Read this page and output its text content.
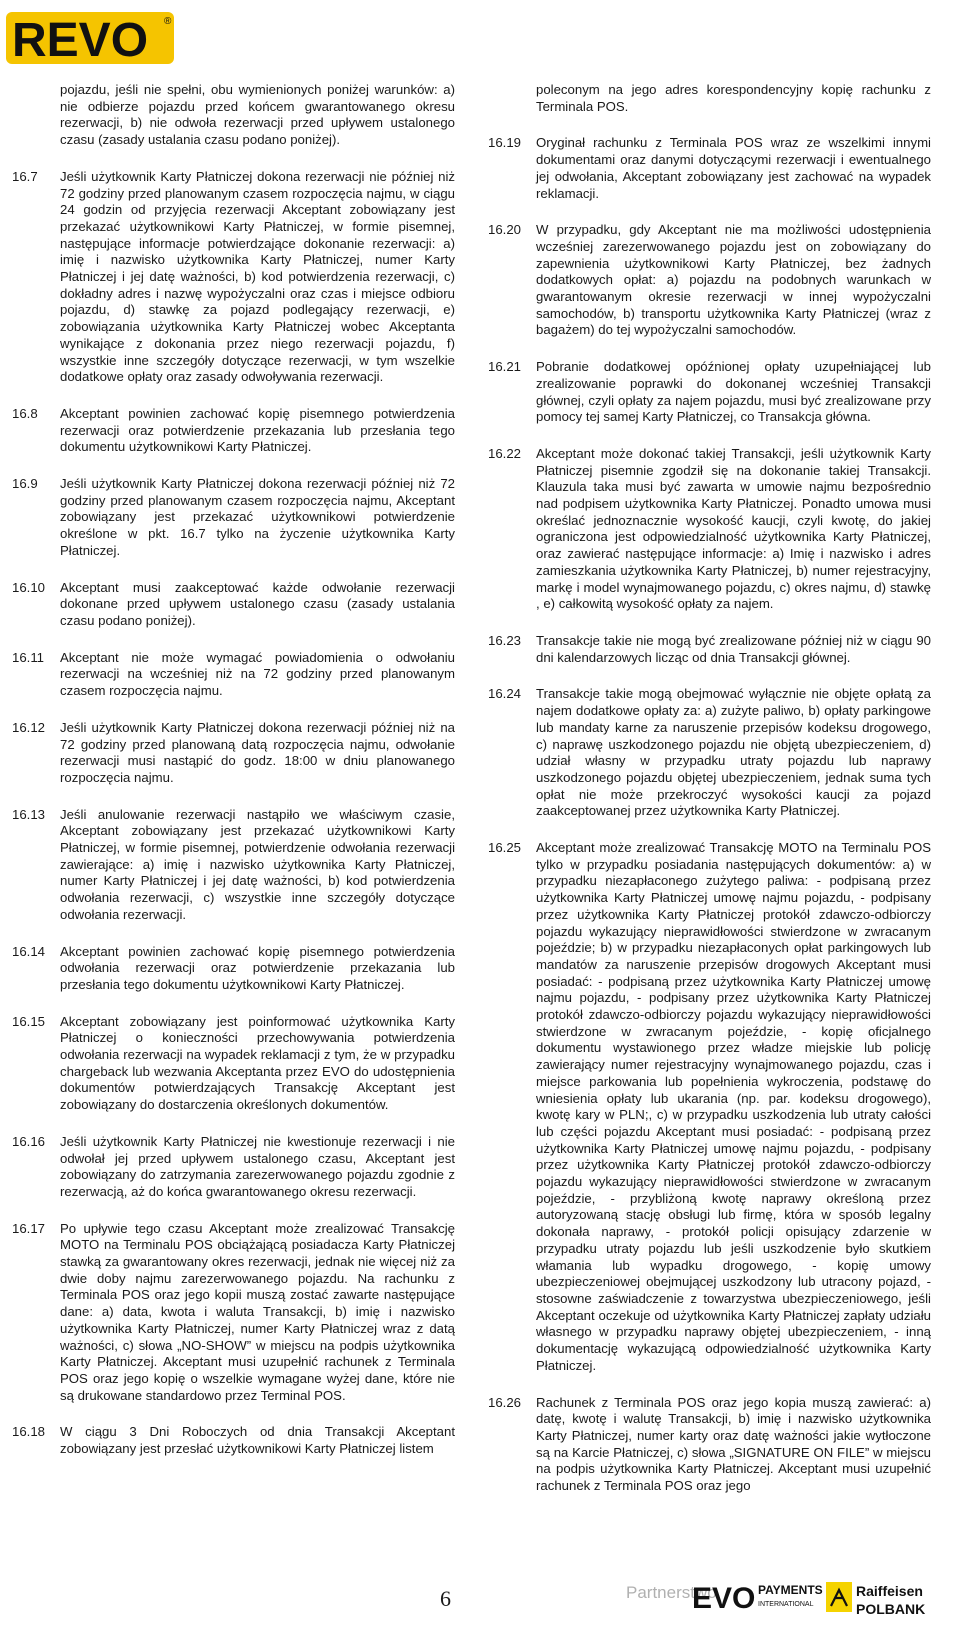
REVO ®
pojazdu, jeśli nie spełni, obu wymienionych poniżej warunków: a) nie odbierze pojazdu przed końcem gwarantowanego okresu rezerwacji, b) nie odwoła rezerwacji przed upływem ustalonego czasu (zasady ustalania czasu podano poniżej).
16.7	Jeśli użytkownik Karty Płatniczej dokona rezerwacji nie później niż 72 godziny przed planowanym czasem rozpoczęcia najmu, w ciągu 24 godzin od przyjęcia rezerwacji Akceptant zobowiązany jest przekazać użytkownikowi Karty Płatniczej, w formie pisemnej, następujące informacje potwierdzające dokonanie rezerwacji: a) imię i nazwisko użytkownika Karty Płatniczej, numer Karty Płatniczej i jej datę ważności, b) kod potwierdzenia rezerwacji, c) dokładny adres i nazwę wypożyczalni oraz czas i miejsce odbioru pojazdu, d) stawkę za pojazd podlegający rezerwacji, e) zobowiązania użytkownika Karty Płatniczej wobec Akceptanta wynikające z dokonania przez niego rezerwacji pojazdu, f) wszystkie inne szczegóły dotyczące rezerwacji, w tym wszelkie dodatkowe opłaty oraz zasady odwoływania rezerwacji.
16.8	Akceptant powinien zachować kopię pisemnego potwierdzenia rezerwacji oraz potwierdzenie przekazania lub przesłania tego dokumentu użytkownikowi Karty Płatniczej.
16.9	Jeśli użytkownik Karty Płatniczej dokona rezerwacji później niż 72 godziny przed planowanym czasem rozpoczęcia najmu, Akceptant zobowiązany jest przekazać użytkownikowi potwierdzenie określone w pkt. 16.7 tylko na życzenie użytkownika Karty Płatniczej.
16.10	Akceptant musi zaakceptować każde odwołanie rezerwacji dokonane przed upływem ustalonego czasu (zasady ustalania czasu podano poniżej).
16.11	Akceptant nie może wymagać powiadomienia o odwołaniu rezerwacji na wcześniej niż na 72 godziny przed planowanym czasem rozpoczęcia najmu.
16.12	Jeśli użytkownik Karty Płatniczej dokona rezerwacji później niż na 72 godziny przed planowaną datą rozpoczęcia najmu, odwołanie rezerwacji musi nastąpić do godz. 18:00 w dniu planowanego rozpoczęcia najmu.
16.13	Jeśli anulowanie rezerwacji nastąpiło we właściwym czasie, Akceptant zobowiązany jest przekazać użytkownikowi Karty Płatniczej, w formie pisemnej, potwierdzenie odwołania rezerwacji zawierające: a) imię i nazwisko użytkownika Karty Płatniczej, numer Karty Płatniczej i jej datę ważności, b) kod potwierdzenia odwołania rezerwacji, c) wszystkie inne szczegóły dotyczące odwołania rezerwacji.
16.14	Akceptant powinien zachować kopię pisemnego potwierdzenia odwołania rezerwacji oraz potwierdzenie przekazania lub przesłania tego dokumentu użytkownikowi Karty Płatniczej.
16.15	Akceptant zobowiązany jest poinformować użytkownika Karty Płatniczej o konieczności przechowywania potwierdzenia odwołania rezerwacji na wypadek reklamacji z tym, że w przypadku chargeback lub wezwania Akceptanta przez EVO do udostępnienia dokumentów potwierdzających Transakcję Akceptant jest zobowiązany do dostarczenia określonych dokumentów.
16.16	Jeśli użytkownik Karty Płatniczej nie kwestionuje rezerwacji i nie odwołał jej przed upływem ustalonego czasu, Akceptant jest zobowiązany do zatrzymania zarezerwowanego pojazdu zgodnie z rezerwacją, aż do końca gwarantowanego okresu rezerwacji.
16.17	Po upływie tego czasu Akceptant może zrealizować Transakcję MOTO na Terminalu POS obciążającą posiadacza Karty Płatniczej stawką za gwarantowany okres rezerwacji, jednak nie więcej niż za dwie doby najmu zarezerwowanego pojazdu. Na rachunku z Terminala POS oraz jego kopii muszą zostać zawarte następujące dane: a) data, kwota i waluta Transakcji, b) imię i nazwisko użytkownika Karty Płatniczej, numer Karty Płatniczej wraz z datą ważności, c) słowa „NO-SHOW” w miejscu na podpis użytkownika Karty Płatniczej. Akceptant musi uzupełnić rachunek z Terminala POS oraz jego kopię o wszelkie wymagane wyżej dane, które nie są drukowane standardowo przez Terminal POS.
16.18	W ciągu 3 Dni Roboczych od dnia Transakcji Akceptant zobowiązany jest przesłać użytkownikowi Karty Płatniczej listem
poleconym na jego adres korespondencyjny kopię rachunku z Terminala POS.
16.19	Oryginał rachunku z Terminala POS wraz ze wszelkimi innymi dokumentami oraz danymi dotyczącymi rezerwacji i ewentualnego jej odwołania, Akceptant zobowiązany jest zachować na wypadek reklamacji.
16.20	W przypadku, gdy Akceptant nie ma możliwości udostępnienia wcześniej zarezerwowanego pojazdu jest on zobowiązany do zapewnienia użytkownikowi Karty Płatniczej, bez żadnych dodatkowych opłat: a) pojazdu na podobnych warunkach w gwarantowanym okresie rezerwacji w innej wypożyczalni samochodów, b) transportu użytkownika Karty Płatniczej (wraz z bagażem) do tej wypożyczalni samochodów.
16.21	Pobranie dodatkowej opóźnionej opłaty uzupełniającej lub zrealizowanie poprawki do dokonanej wcześniej Transakcji głównej, czyli opłaty za najem pojazdu, musi być zrealizowane przy pomocy tej samej Karty Płatniczej, co Transakcja główna.
16.22	Akceptant może dokonać takiej Transakcji, jeśli użytkownik Karty Płatniczej pisemnie zgodził się na dokonanie takiej Transakcji. Klauzula taka musi być zawarta w umowie najmu bezpośrednio nad podpisem użytkownika Karty Płatniczej. Ponadto umowa musi określać jednoznacznie wysokość kaucji, czyli kwotę, do jakiej ograniczona jest odpowiedzialność użytkownika Karty Płatniczej, oraz zawierać następujące informacje: a) Imię i nazwisko i adres zamieszkania użytkownika Karty Płatniczej, b) numer rejestracyjny, markę i model wynajmowanego pojazdu, c) okres najmu, d) stawkę , e) całkowitą wysokość opłaty za najem.
16.23	Transakcje takie nie mogą być zrealizowane później niż w ciągu 90 dni kalendarzowych licząc od dnia Transakcji głównej.
16.24	Transakcje takie mogą obejmować wyłącznie nie objęte opłatą za najem dodatkowe opłaty za: a) zużyte paliwo, b) opłaty parkingowe lub mandaty karne za naruszenie przepisów kodeksu drogowego, c) naprawę uszkodzonego pojazdu nie objętą ubezpieczeniem, d) udział własny w przypadku utraty pojazdu lub naprawy uszkodzonego pojazdu objętej ubezpieczeniem, jednak suma tych opłat nie może przekroczyć wysokości kaucji za pojazd zaakceptowanej przez użytkownika Karty Płatniczej.
16.25	Akceptant może zrealizować Transakcję MOTO na Terminalu POS tylko w przypadku posiadania następujących dokumentów: a) w przypadku niezapłaconego zużytego paliwa: - podpisaną przez użytkownika Karty Płatniczej umowę najmu pojazdu, - podpisany przez użytkownika Karty Płatniczej protokół zdawczo-odbiorczy pojazdu wykazujący nieprawidłowości stwierdzone w zwracanym pojeździe; b) w przypadku niezapłaconych opłat parkingowych lub mandatów za naruszenie przepisów drogowych Akceptant musi posiadać: - podpisaną przez użytkownika Karty Płatniczej umowę najmu pojazdu, - podpisany przez użytkownika Karty Płatniczej protokół zdawczo-odbiorczy pojazdu wykazujący nieprawidłowości stwierdzone w zwracanym pojeździe, - kopię oficjalnego dokumentu wystawionego przez władze miejskie lub policję zawierający numer rejestracyjny wynajmowanego pojazdu, czas i miejsce parkowania lub popełnienia wykroczenia, podstawę do wniesienia opłaty lub ukarania (np. par. kodeksu drogowego), kwotę kary w PLN;, c) w przypadku uszkodzenia lub utraty całości lub części pojazdu Akceptant musi posiadać: - podpisaną przez użytkownika Karty Płatniczej umowę najmu pojazdu, - podpisany przez użytkownika Karty Płatniczej protokół zdawczo-odbiorczy pojazdu wykazujący nieprawidłowości stwierdzone w zwracanym pojeździe, - przybliżoną kwotę naprawy określoną przez autoryzowaną stację obsługi lub firmę, która w sposób legalny dokonała naprawy, - protokół policji opisujący zdarzenie w przypadku utraty pojazdu lub jeśli uszkodzenie było skutkiem włamania lub wypadku drogowego, - kopię umowy ubezpieczeniowej obejmującej uszkodzony lub utracony pojazd, - stosowne zaświadczenie z towarzystwa ubezpieczeniowego, jeśli Akceptant oczekuje od użytkownika Karty Płatniczej zapłaty udziału własnego w przypadku naprawy objętej ubezpieczeniem, - inną dokumentację wykazującą odpowiedzialność użytkownika Karty Płatniczej.
16.26	Rachunek z Terminala POS oraz jego kopia muszą zawierać: a) datę, kwotę i walutę Transakcji, b) imię i nazwisko użytkownika Karty Płatniczej, numer karty oraz datę ważności jakie wytłoczone są na Karcie Płatniczej, c) słowa „SIGNATURE ON FILE” w miejscu na podpis użytkownika Karty Płatniczej. Akceptant musi uzupełnić rachunek z Terminala POS oraz jego
6	Partnerstwo
EVO PAYMENTS
INTERNATIONAL
Raiffeisen
POLBANK
